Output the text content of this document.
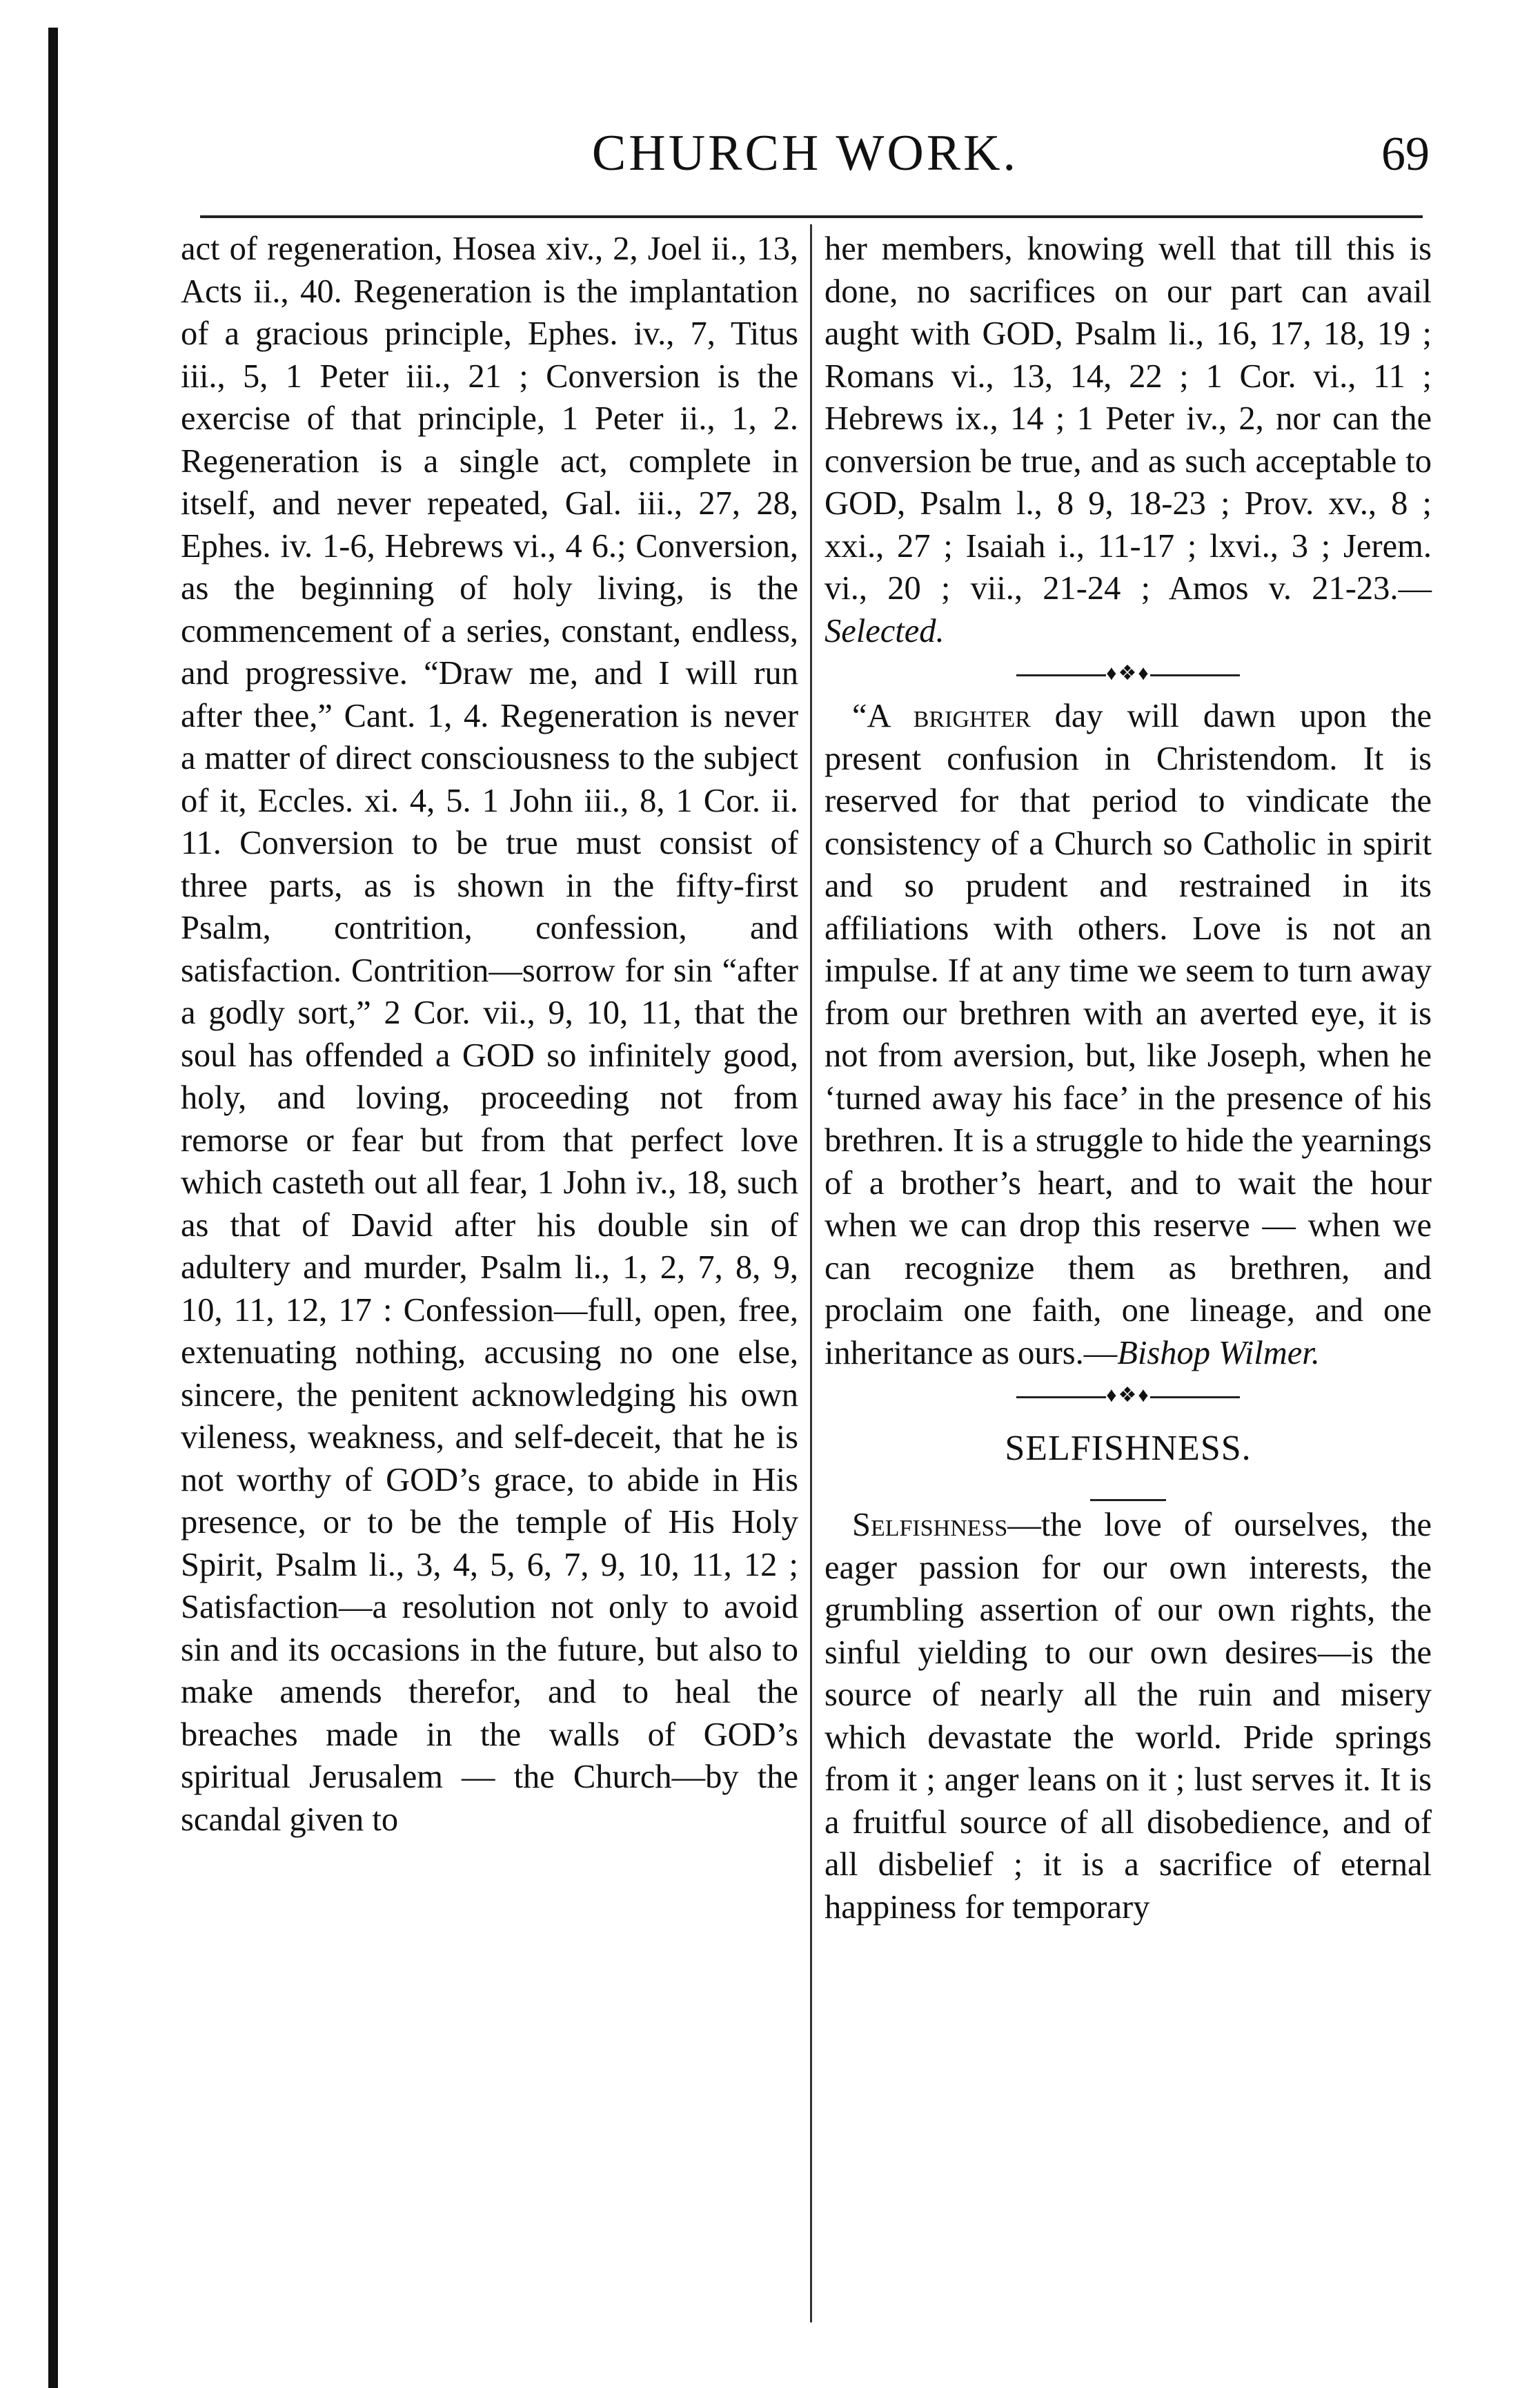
CHURCH WORK.	69

act of regeneration, Hosea xiv., 2, Joel ii., 13, Acts ii., 40. Regeneration is the implantation of a gracious principle, Ephes. iv., 7, Titus iii., 5, 1 Peter iii., 21 ; Conversion is the exercise of that principle, 1 Peter ii., 1, 2. Regeneration is a single act, complete in itself, and never repeated, Gal. iii., 27, 28, Ephes. iv. 1-6, Hebrews vi., 4 6.; Conversion, as the beginning of holy living, is the commencement of a series, constant, endless, and progressive. “Draw me, and I will run after thee,” Cant. 1, 4. Regeneration is never a matter of direct consciousness to the subject of it, Eccles. xi. 4, 5. 1 John iii., 8, 1 Cor. ii. 11. Conversion to be true must consist of three parts, as is shown in the fifty-first Psalm, contrition, confession, and satisfaction. Contrition—sorrow for sin “after a godly sort,” 2 Cor. vii., 9, 10, 11, that the soul has offended a GOD so infinitely good, holy, and loving, proceeding not from remorse or fear but from that perfect love which casteth out all fear, 1 John iv., 18, such as that of David after his double sin of adultery and murder, Psalm li., 1, 2, 7, 8, 9, 10, 11, 12, 17 : Confession—full, open, free, extenuating nothing, accusing no one else, sincere, the penitent acknowledging his own vileness, weakness, and self-deceit, that he is not worthy of GOD’s grace, to abide in His presence, or to be the temple of His Holy Spirit, Psalm li., 3, 4, 5, 6, 7, 9, 10, 11, 12 ; Satisfaction—a resolution not only to avoid sin and its occasions in the future, but also to make amends therefor, and to heal the breaches made in the walls of GOD’s spiritual Jerusalem — the Church—by the scandal given to

her members, knowing well that till this is done, no sacrifices on our part can avail aught with GOD, Psalm li., 16, 17, 18, 19 ; Romans vi., 13, 14, 22 ; 1 Cor. vi., 11 ; Hebrews ix., 14 ; 1 Peter iv., 2, nor can the conversion be true, and as such acceptable to GOD, Psalm l., 8 9, 18-23 ; Prov. xv., 8 ; xxi., 27 ; Isaiah i., 11-17 ; lxvi., 3 ; Jerem. vi., 20 ; vii., 21-24 ; Amos v. 21-23.—Selected.

♦❖♦

“A brighter day will dawn upon the present confusion in Christendom. It is reserved for that period to vindicate the consistency of a Church so Catholic in spirit and so prudent and restrained in its affiliations with others. Love is not an impulse. If at any time we seem to turn away from our brethren with an averted eye, it is not from aversion, but, like Joseph, when he ‘turned away his face’ in the presence of his brethren. It is a struggle to hide the yearnings of a brother’s heart, and to wait the hour when we can drop this reserve — when we can recognize them as brethren, and proclaim one faith, one lineage, and one inheritance as ours.—Bishop Wilmer.

♦❖♦
SELFISHNESS.

Selfishness—the love of ourselves, the eager passion for our own interests, the grumbling assertion of our own rights, the sinful yielding to our own desires—is the source of nearly all the ruin and misery which devastate the world. Pride springs from it ; anger leans on it ; lust serves it. It is a fruitful source of all disobedience, and of all disbelief ; it is a sacrifice of eternal happiness for temporary
